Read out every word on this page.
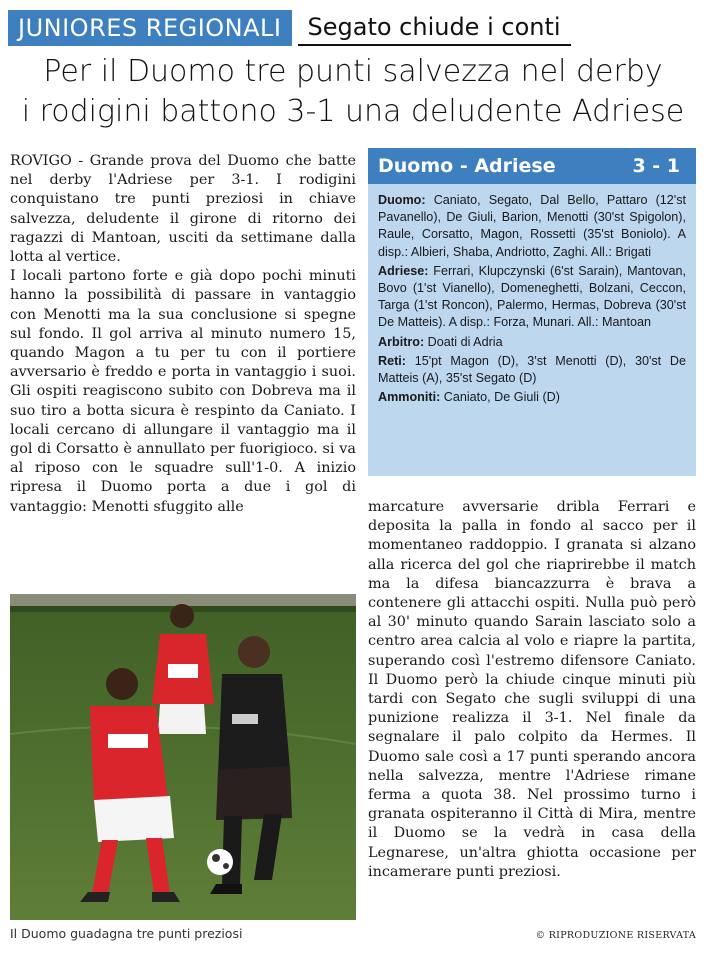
JUNIORES REGIONALI	Segato chiude i conti
Per il Duomo tre punti salvezza nel derby
i rodigini battono 3-1 una deludente Adriese

ROVIGO - Grande prova del Duomo che batte nel derby l'Adriese per 3-1. I rodigini conquistano tre punti preziosi in chiave salvezza, deludente il girone di ritorno dei ragazzi di Mantoan, usciti da settimane dalla lotta al vertice.

I locali partono forte e già dopo pochi minuti hanno la possibilità di passare in vantaggio con Menotti ma la sua conclusione si spegne sul fondo. Il gol arriva al minuto numero 15, quando Magon a tu per tu con il portiere avversario è freddo e porta in vantaggio i suoi. Gli ospiti reagiscono subito con Dobreva ma il suo tiro a botta sicura è respinto da Caniato. I locali cercano di allungare il vantaggio ma il gol di Corsatto è annullato per fuorigioco. si va al riposo con le squadre sull'1-0. A inizio ripresa il Duomo porta a due i gol di vantaggio: Menotti sfuggito alle

Duomo - Adriese	3 - 1
Duomo: Caniato, Segato, Dal Bello, Pattaro (12'st Pavanello), De Giuli, Barion, Menotti (30'st Spigolon), Raule, Corsatto, Magon, Rossetti (35'st Boniolo). A disp.: Albieri, Shaba, Andriotto, Zaghi. All.: Brigati
Adriese: Ferrari, Klupczynski (6'st Sarain), Mantovan, Bovo (1'st Vianello), Domeneghetti, Bolzani, Ceccon, Targa (1'st Roncon), Palermo, Hermas, Dobreva (30'st De Matteis). A disp.: Forza, Munari. All.: Mantoan
Arbitro: Doati di Adria
Reti: 15'pt Magon (D), 3'st Menotti (D), 30'st De Matteis (A), 35'st Segato (D)
Ammoniti: Caniato, De Giuli (D)

marcature avversarie dribla Ferrari e deposita la palla in fondo al sacco per il momentaneo raddoppio. I granata si alzano alla ricerca del gol che riaprirebbe il match ma la difesa biancazzurra è brava a contenere gli attacchi ospiti. Nulla può però al 30' minuto quando Sarain lasciato solo a centro area calcia al volo e riapre la partita, superando così l'estremo difensore Caniato. Il Duomo però la chiude cinque minuti più tardi con Segato che sugli sviluppi di una punizione realizza il 3-1. Nel finale da segnalare il palo colpito da Hermes. Il Duomo sale così a 17 punti sperando ancora nella salvezza, mentre l'Adriese rimane ferma a quota 38. Nel prossimo turno i granata ospiteranno il Città di Mira, mentre il Duomo se la vedrà in casa della Legnarese, un'altra ghiotta occasione per incamerare punti preziosi.

Il Duomo guadagna tre punti preziosi	© RIPRODUZIONE RISERVATA
